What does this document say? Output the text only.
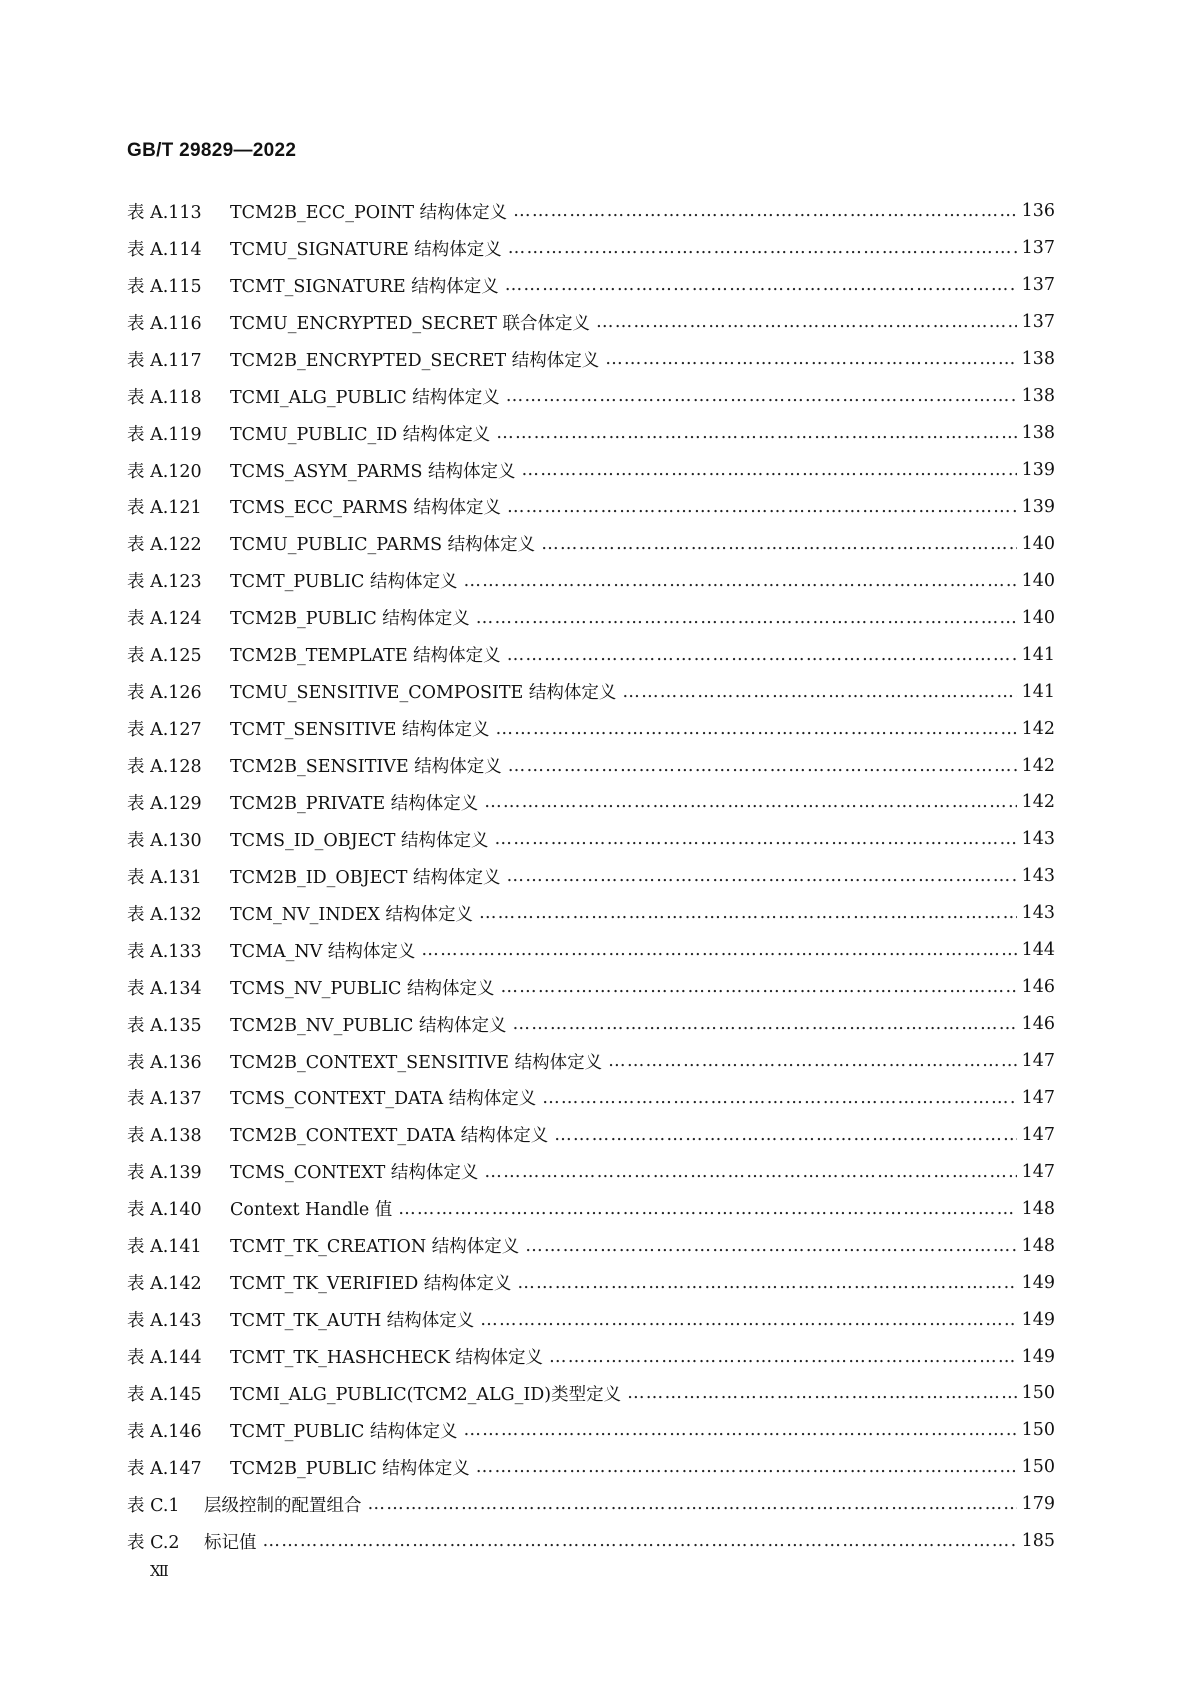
GB/T 29829—2022
表 A.113	TCM2B_ECC_POINT 结构体定义 ………………………………………………………………………………………………………………………………………………………………………………	136
表 A.114	TCMU_SIGNATURE 结构体定义 ………………………………………………………………………………………………………………………………………………………………………………	137
表 A.115	TCMT_SIGNATURE 结构体定义 ………………………………………………………………………………………………………………………………………………………………………………	137
表 A.116	TCMU_ENCRYPTED_SECRET 联合体定义 ………………………………………………………………………………………………………………………………………………………………………………	137
表 A.117	TCM2B_ENCRYPTED_SECRET 结构体定义 ………………………………………………………………………………………………………………………………………………………………………………	138
表 A.118	TCMI_ALG_PUBLIC 结构体定义 ………………………………………………………………………………………………………………………………………………………………………………	138
表 A.119	TCMU_PUBLIC_ID 结构体定义 ………………………………………………………………………………………………………………………………………………………………………………	138
表 A.120	TCMS_ASYM_PARMS 结构体定义 ………………………………………………………………………………………………………………………………………………………………………………	139
表 A.121	TCMS_ECC_PARMS 结构体定义 ………………………………………………………………………………………………………………………………………………………………………………	139
表 A.122	TCMU_PUBLIC_PARMS 结构体定义 ………………………………………………………………………………………………………………………………………………………………………………	140
表 A.123	TCMT_PUBLIC 结构体定义 ………………………………………………………………………………………………………………………………………………………………………………	140
表 A.124	TCM2B_PUBLIC 结构体定义 ………………………………………………………………………………………………………………………………………………………………………………	140
表 A.125	TCM2B_TEMPLATE 结构体定义 ………………………………………………………………………………………………………………………………………………………………………………	141
表 A.126	TCMU_SENSITIVE_COMPOSITE 结构体定义 ………………………………………………………………………………………………………………………………………………………………………………	141
表 A.127	TCMT_SENSITIVE 结构体定义 ………………………………………………………………………………………………………………………………………………………………………………	142
表 A.128	TCM2B_SENSITIVE 结构体定义 ………………………………………………………………………………………………………………………………………………………………………………	142
表 A.129	TCM2B_PRIVATE 结构体定义 ………………………………………………………………………………………………………………………………………………………………………………	142
表 A.130	TCMS_ID_OBJECT 结构体定义 ………………………………………………………………………………………………………………………………………………………………………………	143
表 A.131	TCM2B_ID_OBJECT 结构体定义 ………………………………………………………………………………………………………………………………………………………………………………	143
表 A.132	TCM_NV_INDEX 结构体定义 ………………………………………………………………………………………………………………………………………………………………………………	143
表 A.133	TCMA_NV 结构体定义 ………………………………………………………………………………………………………………………………………………………………………………	144
表 A.134	TCMS_NV_PUBLIC 结构体定义 ………………………………………………………………………………………………………………………………………………………………………………	146
表 A.135	TCM2B_NV_PUBLIC 结构体定义 ………………………………………………………………………………………………………………………………………………………………………………	146
表 A.136	TCM2B_CONTEXT_SENSITIVE 结构体定义 ………………………………………………………………………………………………………………………………………………………………………………	147
表 A.137	TCMS_CONTEXT_DATA 结构体定义 ………………………………………………………………………………………………………………………………………………………………………………	147
表 A.138	TCM2B_CONTEXT_DATA 结构体定义 ………………………………………………………………………………………………………………………………………………………………………………	147
表 A.139	TCMS_CONTEXT 结构体定义 ………………………………………………………………………………………………………………………………………………………………………………	147
表 A.140	Context Handle 值 ………………………………………………………………………………………………………………………………………………………………………………	148
表 A.141	TCMT_TK_CREATION 结构体定义 ………………………………………………………………………………………………………………………………………………………………………………	148
表 A.142	TCMT_TK_VERIFIED 结构体定义 ………………………………………………………………………………………………………………………………………………………………………………	149
表 A.143	TCMT_TK_AUTH 结构体定义 ………………………………………………………………………………………………………………………………………………………………………………	149
表 A.144	TCMT_TK_HASHCHECK 结构体定义 ………………………………………………………………………………………………………………………………………………………………………………	149
表 A.145	TCMI_ALG_PUBLIC(TCM2_ALG_ID)类型定义 ………………………………………………………………………………………………………………………………………………………………………………	150
表 A.146	TCMT_PUBLIC 结构体定义 ………………………………………………………………………………………………………………………………………………………………………………	150
表 A.147	TCM2B_PUBLIC 结构体定义 ………………………………………………………………………………………………………………………………………………………………………………	150
表 C.1	层级控制的配置组合 ………………………………………………………………………………………………………………………………………………………………………………	179
表 C.2	标记值 ………………………………………………………………………………………………………………………………………………………………………………	185
Ⅻ
